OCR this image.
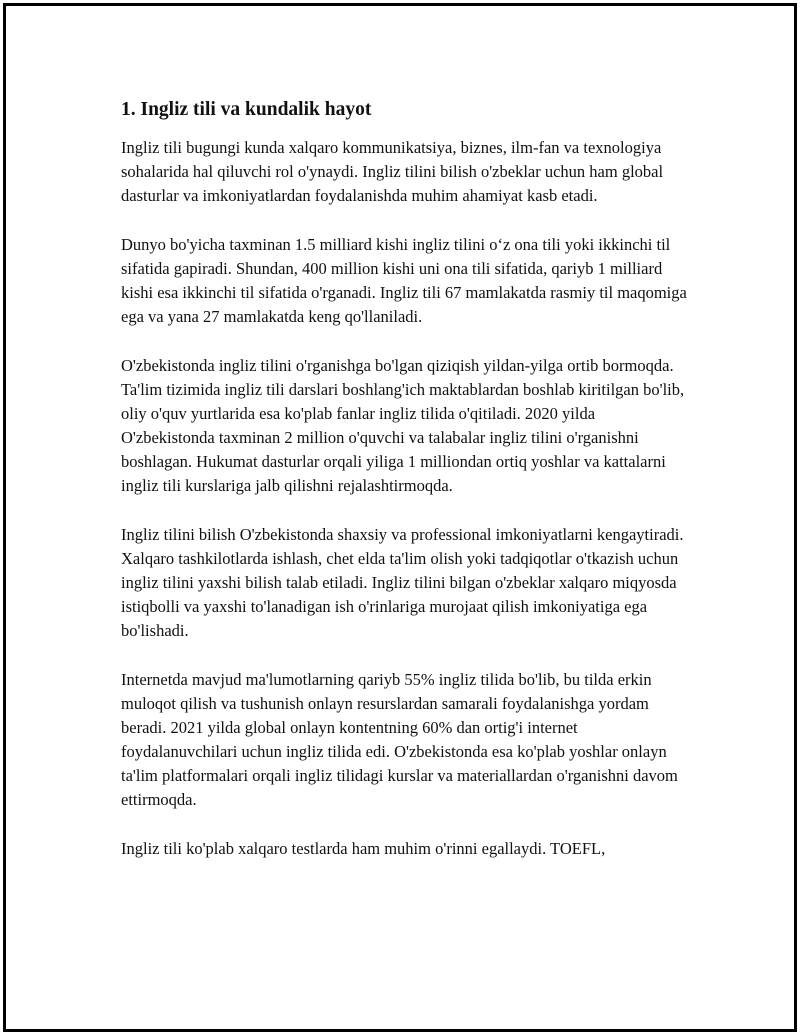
1. Ingliz tili va kundalik hayot

Ingliz tili bugungi kunda xalqaro kommunikatsiya, biznes, ilm-fan va texnologiya sohalarida hal qiluvchi rol o'ynaydi. Ingliz tilini bilish o'zbeklar uchun ham global dasturlar va imkoniyatlardan foydalanishda muhim ahamiyat kasb etadi.

Dunyo bo'yicha taxminan 1.5 milliard kishi ingliz tilini o‘z ona tili yoki ikkinchi til sifatida gapiradi. Shundan, 400 million kishi uni ona tili sifatida, qariyb 1 milliard kishi esa ikkinchi til sifatida o'rganadi. Ingliz tili 67 mamlakatda rasmiy til maqomiga ega va yana 27 mamlakatda keng qo'llaniladi.

O'zbekistonda ingliz tilini o'rganishga bo'lgan qiziqish yildan-yilga ortib bormoqda. Ta'lim tizimida ingliz tili darslari boshlang'ich maktablardan boshlab kiritilgan bo'lib, oliy o'quv yurtlarida esa ko'plab fanlar ingliz tilida o'qitiladi. 2020 yilda O'zbekistonda taxminan 2 million o'quvchi va talabalar ingliz tilini o'rganishni boshlagan. Hukumat dasturlar orqali yiliga 1 milliondan ortiq yoshlar va kattalarni ingliz tili kurslariga jalb qilishni rejalashtirmoqda.

Ingliz tilini bilish O'zbekistonda shaxsiy va professional imkoniyatlarni kengaytiradi. Xalqaro tashkilotlarda ishlash, chet elda ta'lim olish yoki tadqiqotlar o'tkazish uchun ingliz tilini yaxshi bilish talab etiladi. Ingliz tilini bilgan o'zbeklar xalqaro miqyosda istiqbolli va yaxshi to'lanadigan ish o'rinlariga murojaat qilish imkoniyatiga ega bo'lishadi.

Internetda mavjud ma'lumotlarning qariyb 55% ingliz tilida bo'lib, bu tilda erkin muloqot qilish va tushunish onlayn resurslardan samarali foydalanishga yordam beradi. 2021 yilda global onlayn kontentning 60% dan ortig'i internet foydalanuvchilari uchun ingliz tilida edi. O'zbekistonda esa ko'plab yoshlar onlayn ta'lim platformalari orqali ingliz tilidagi kurslar va materiallardan o'rganishni davom ettirmoqda.

Ingliz tili ko'plab xalqaro testlarda ham muhim o'rinni egallaydi. TOEFL,
